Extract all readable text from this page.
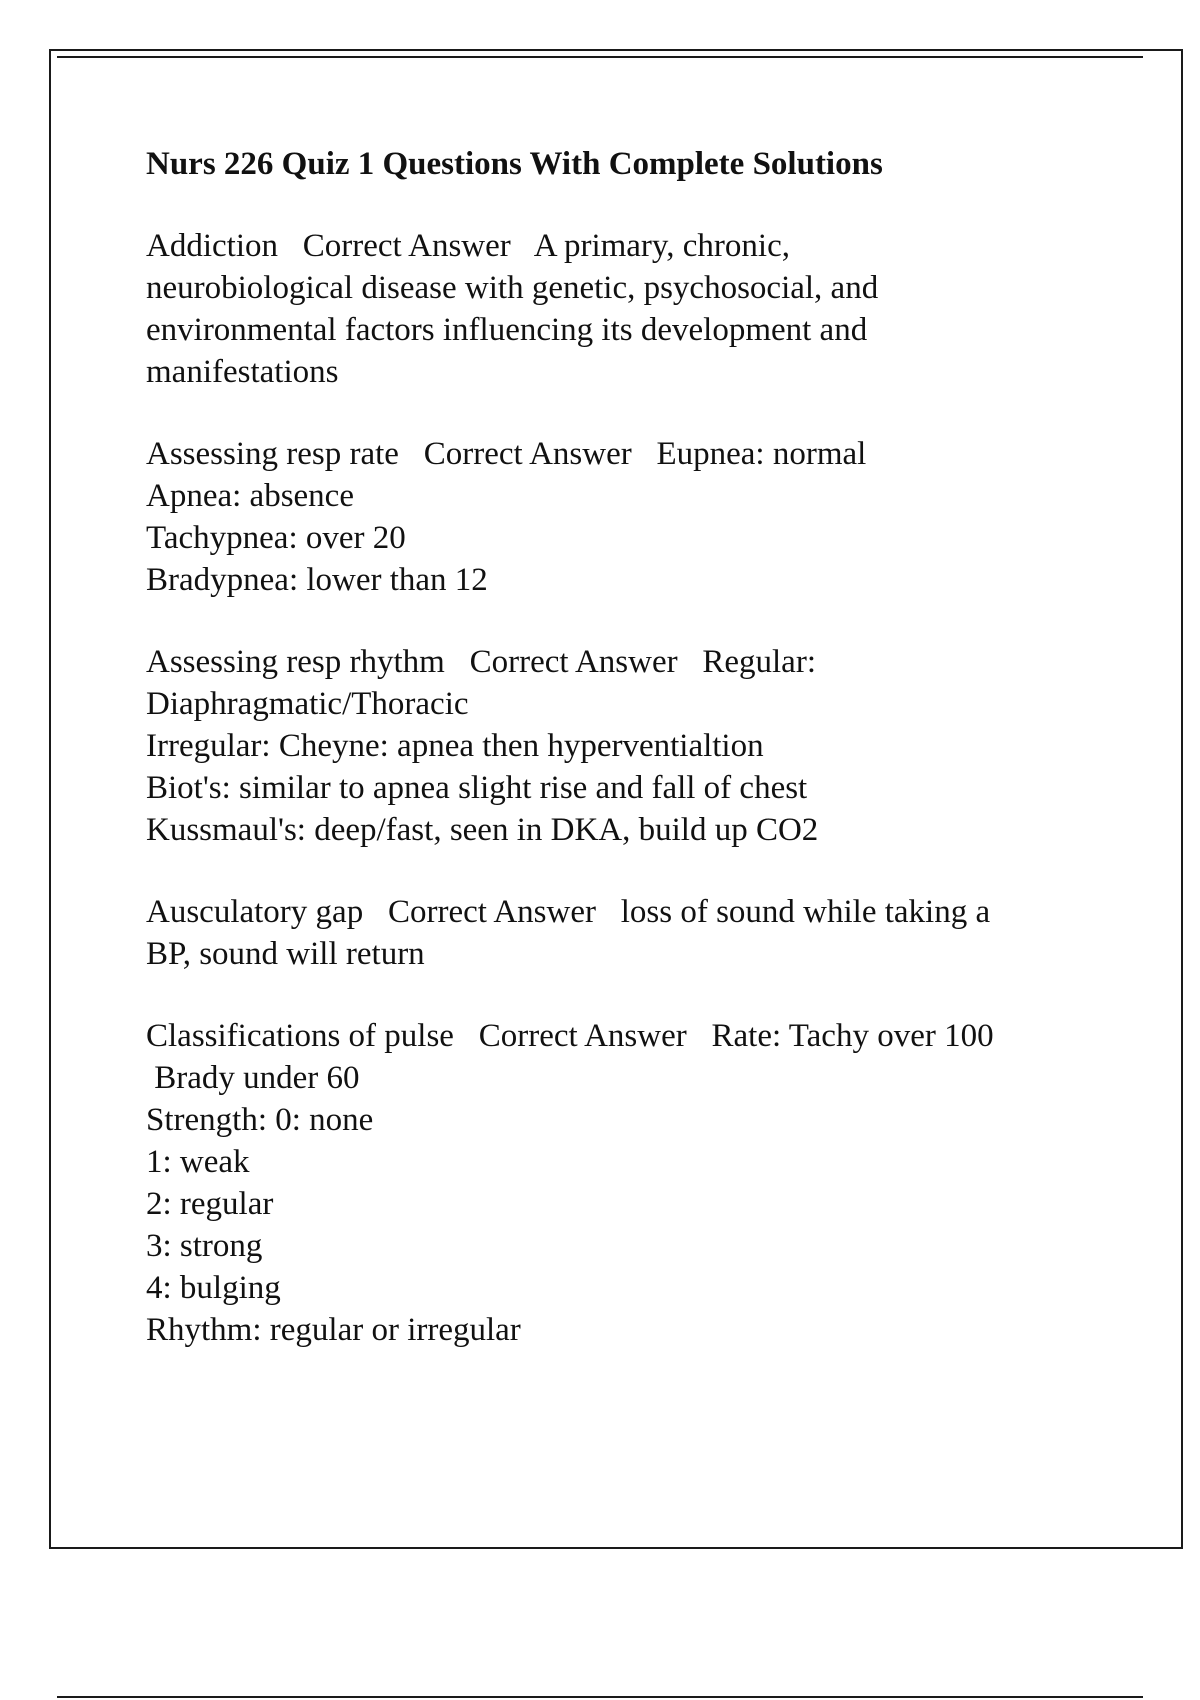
Nurs 226 Quiz 1 Questions With Complete Solutions
Addiction   Correct Answer   A primary, chronic,
neurobiological disease with genetic, psychosocial, and
environmental factors influencing its development and
manifestations
Assessing resp rate   Correct Answer   Eupnea: normal
Apnea: absence
Tachypnea: over 20
Bradypnea: lower than 12
Assessing resp rhythm   Correct Answer   Regular:
Diaphragmatic/Thoracic
Irregular: Cheyne: apnea then hyperventialtion
Biot's: similar to apnea slight rise and fall of chest
Kussmaul's: deep/fast, seen in DKA, build up CO2
Ausculatory gap   Correct Answer   loss of sound while taking a
BP, sound will return
Classifications of pulse   Correct Answer   Rate: Tachy over 100
Brady under 60
Strength: 0: none
1: weak
2: regular
3: strong
4: bulging
Rhythm: regular or irregular
